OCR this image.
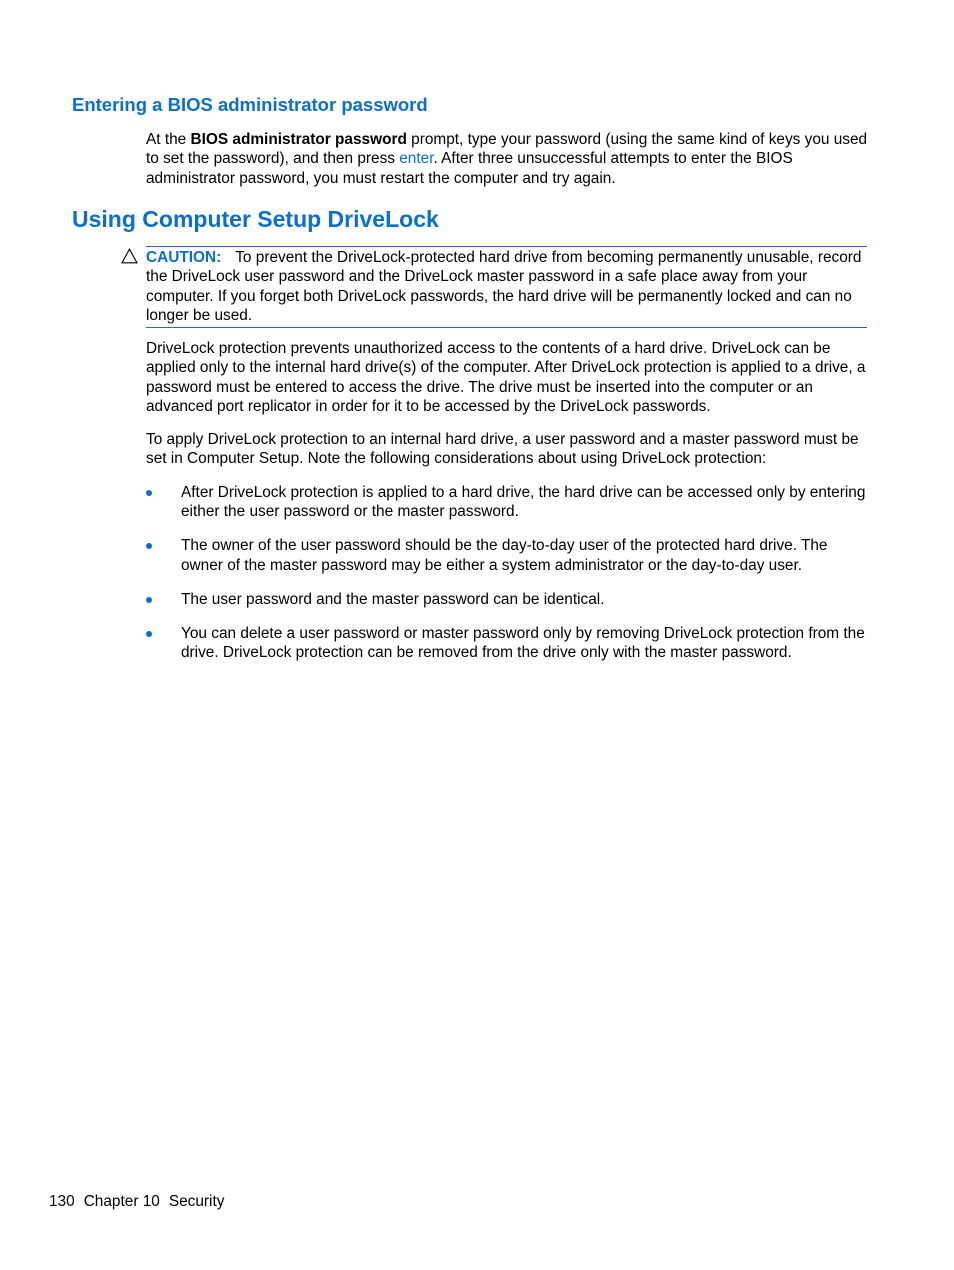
Entering a BIOS administrator password

At the BIOS administrator password prompt, type your password (using the same kind of keys you used to set the password), and then press enter. After three unsuccessful attempts to enter the BIOS administrator password, you must restart the computer and try again.

Using Computer Setup DriveLock

CAUTION: To prevent the DriveLock-protected hard drive from becoming permanently unusable, record the DriveLock user password and the DriveLock master password in a safe place away from your computer. If you forget both DriveLock passwords, the hard drive will be permanently locked and can no longer be used.

DriveLock protection prevents unauthorized access to the contents of a hard drive. DriveLock can be applied only to the internal hard drive(s) of the computer. After DriveLock protection is applied to a drive, a password must be entered to access the drive. The drive must be inserted into the computer or an advanced port replicator in order for it to be accessed by the DriveLock passwords.

To apply DriveLock protection to an internal hard drive, a user password and a master password must be set in Computer Setup. Note the following considerations about using DriveLock protection:

After DriveLock protection is applied to a hard drive, the hard drive can be accessed only by entering either the user password or the master password.
The owner of the user password should be the day-to-day user of the protected hard drive. The owner of the master password may be either a system administrator or the day-to-day user.
The user password and the master password can be identical.
You can delete a user password or master password only by removing DriveLock protection from the drive. DriveLock protection can be removed from the drive only with the master password.
130 Chapter 10 Security
